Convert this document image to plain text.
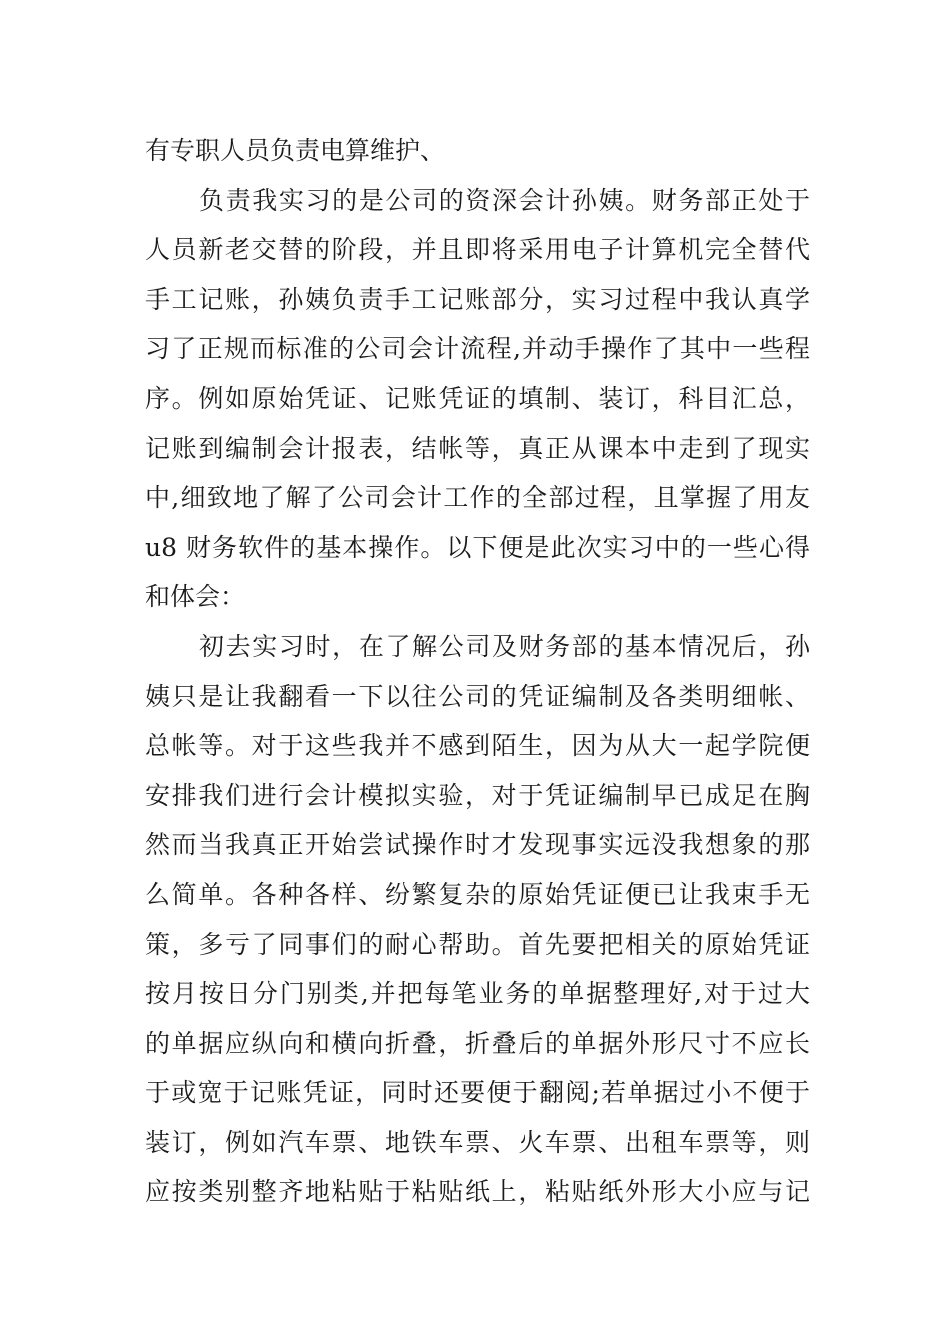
有专职人员负责电算维护、
负责我实习的是公司的资深会计孙姨。财务部正处于
人员新老交替的阶段，并且即将采用电子计算机完全替代
手工记账，孙姨负责手工记账部分，实习过程中我认真学
习了正规而标准的公司会计流程,并动手操作了其中一些程
序。例如原始凭证、记账凭证的填制、装订，科目汇总，
记账到编制会计报表，结帐等，真正从课本中走到了现实
中,细致地了解了公司会计工作的全部过程，且掌握了用友
u8 财务软件的基本操作。以下便是此次实习中的一些心得
和体会：
初去实习时，在了解公司及财务部的基本情况后，孙
姨只是让我翻看一下以往公司的凭证编制及各类明细帐、
总帐等。对于这些我并不感到陌生，因为从大一起学院便
安排我们进行会计模拟实验，对于凭证编制早已成足在胸
然而当我真正开始尝试操作时才发现事实远没我想象的那
么简单。各种各样、纷繁复杂的原始凭证便已让我束手无
策，多亏了同事们的耐心帮助。首先要把相关的原始凭证
按月按日分门别类,并把每笔业务的单据整理好,对于过大
的单据应纵向和横向折叠，折叠后的单据外形尺寸不应长
于或宽于记账凭证，同时还要便于翻阅;若单据过小不便于
装订，例如汽车票、地铁车票、火车票、出租车票等，则
应按类别整齐地粘贴于粘贴纸上，粘贴纸外形大小应与记
